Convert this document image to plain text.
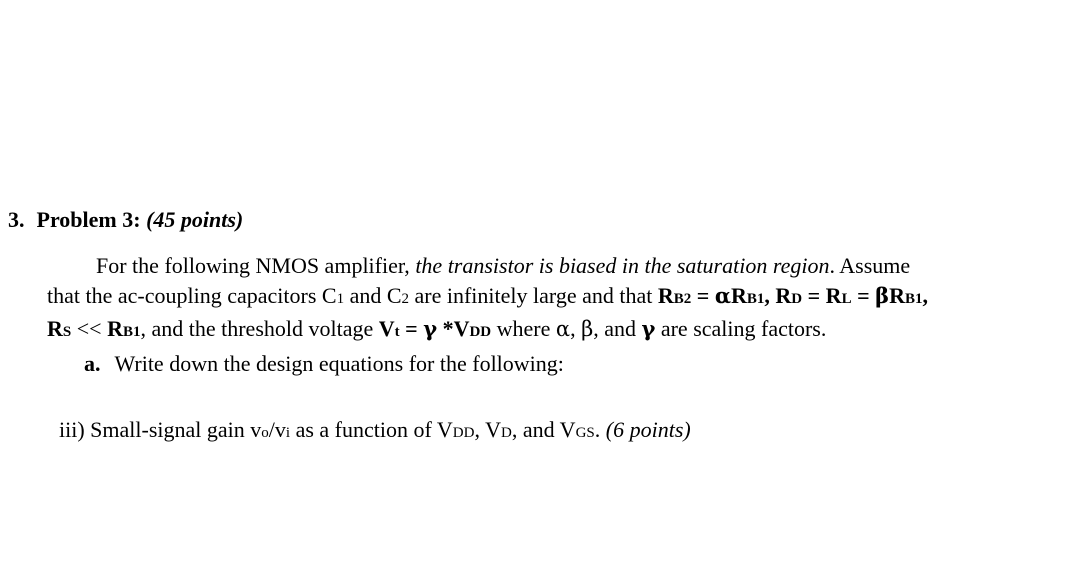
3. Problem 3: (45 points)
For the following NMOS amplifier, the transistor is biased in the saturation region. Assume
that the ac-coupling capacitors C1 and C2 are infinitely large and that RB2 = αRB1, RD = RL = βRB1,
RS << RB1, and the threshold voltage Vt = γ *VDD where α, β, and γ are scaling factors.
a. Write down the design equations for the following:
iii) Small-signal gain vo/vi as a function of VDD, VD, and VGS. (6 points)
